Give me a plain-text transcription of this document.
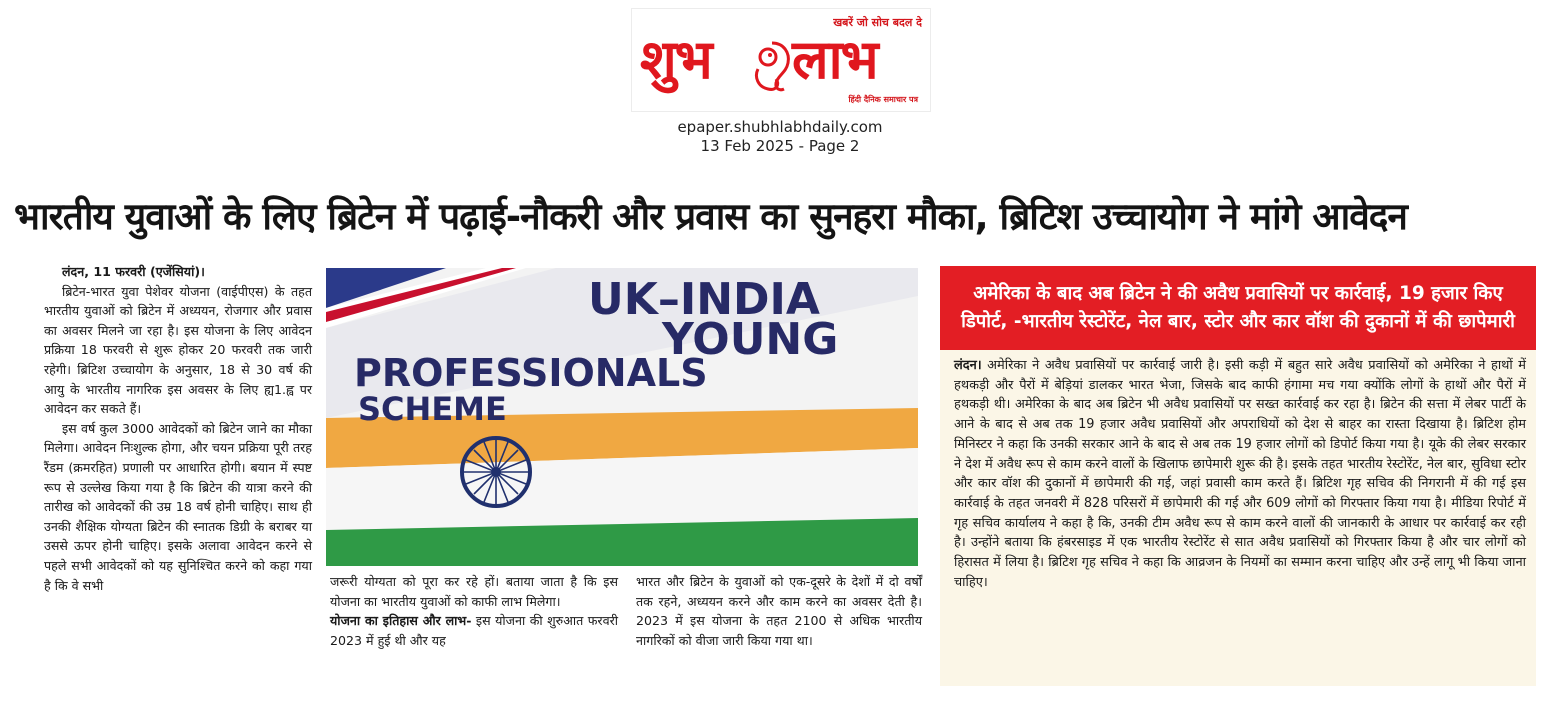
खबरें जो सोच बदल दे
शुभ लाभ
हिंदी दैनिक समाचार पत्र
epaper.shubhlabhdaily.com
13 Feb 2025 - Page 2
भारतीय युवाओं के लिए ब्रिटेन में पढ़ाई-नौकरी और प्रवास का सुनहरा मौका, ब्रिटिश उच्चायोग ने मांगे आवेदन
लंदन, 11 फरवरी (एजेंसियां)।

ब्रिटेन-भारत युवा पेशेवर योजना (वाईपीएस) के तहत भारतीय युवाओं को ब्रिटेन में अध्ययन, रोजगार और प्रवास का अवसर मिलने जा रहा है। इस योजना के लिए आवेदन प्रक्रिया 18 फरवरी से शुरू होकर 20 फरवरी तक जारी रहेगी। ब्रिटिश उच्चायोग के अनुसार, 18 से 30 वर्ष की आयु के भारतीय नागरिक इस अवसर के लिए ह्य1.ह्व पर आवेदन कर सकते हैं।

इस वर्ष कुल 3000 आवेदकों को ब्रिटेन जाने का मौका मिलेगा। आवेदन निःशुल्क होगा, और चयन प्रक्रिया पूरी तरह रैंडम (क्रमरहित) प्रणाली पर आधारित होगी। बयान में स्पष्ट रूप से उल्लेख किया गया है कि ब्रिटेन की यात्रा करने की तारीख को आवेदकों की उम्र 18 वर्ष होनी चाहिए। साथ ही उनकी शैक्षिक योग्यता ब्रिटेन की स्नातक डिग्री के बराबर या उससे ऊपर होनी चाहिए। इसके अलावा आवेदन करने से पहले सभी आवेदकों को यह सुनिश्चित करने को कहा गया है कि वे सभी

UK–INDIA
YOUNG
PROFESSIONALS
SCHEME

जरूरी योग्यता को पूरा कर रहे हों। बताया जाता है कि इस योजना का भारतीय युवाओं को काफी लाभ मिलेगा।

योजना का इतिहास और लाभ- इस योजना की शुरुआत फरवरी 2023 में हुई थी और यह

भारत और ब्रिटेन के युवाओं को एक-दूसरे के देशों में दो वर्षों तक रहने, अध्ययन करने और काम करने का अवसर देती है। 2023 में इस योजना के तहत 2100 से अधिक भारतीय नागरिकों को वीजा जारी किया गया था।

अमेरिका के बाद अब ब्रिटेन ने की अवैध प्रवासियों पर कार्रवाई, 19 हजार किए
डिपोर्ट, -भारतीय रेस्टोरेंट, नेल बार, स्टोर और कार वॉश की दुकानों में की छापेमारी

लंदन। अमेरिका ने अवैध प्रवासियों पर कार्रवाई जारी है। इसी कड़ी में बहुत सारे अवैध प्रवासियों को अमेरिका ने हाथों में हथकड़ी और पैरों में बेड़ियां डालकर भारत भेजा, जिसके बाद काफी हंगामा मच गया क्योंकि लोगों के हाथों और पैरों में हथकड़ी थी। अमेरिका के बाद अब ब्रिटेन भी अवैध प्रवासियों पर सख्त कार्रवाई कर रहा है। ब्रिटेन की सत्ता में लेबर पार्टी के आने के बाद से अब तक 19 हजार अवैध प्रवासियों और अपराधियों को देश से बाहर का रास्ता दिखाया है। ब्रिटिश होम मिनिस्टर ने कहा कि उनकी सरकार आने के बाद से अब तक 19 हजार लोगों को डिपोर्ट किया गया है। यूके की लेबर सरकार ने देश में अवैध रूप से काम करने वालों के खिलाफ छापेमारी शुरू की है। इसके तहत भारतीय रेस्टोरेंट, नेल बार, सुविधा स्टोर और कार वॉश की दुकानों में छापेमारी की गई, जहां प्रवासी काम करते हैं। ब्रिटिश गृह सचिव की निगरानी में की गई इस कार्रवाई के तहत जनवरी में 828 परिसरों में छापेमारी की गई और 609 लोगों को गिरफ्तार किया गया है। मीडिया रिपोर्ट में गृह सचिव कार्यालय ने कहा है कि, उनकी टीम अवैध रूप से काम करने वालों की जानकारी के आधार पर कार्रवाई कर रही है। उन्होंने बताया कि हंबरसाइड में एक भारतीय रेस्टोरेंट से सात अवैध प्रवासियों को गिरफ्तार किया है और चार लोगों को हिरासत में लिया है। ब्रिटिश गृह सचिव ने कहा कि आव्रजन के नियमों का सम्मान करना चाहिए और उन्हें लागू भी किया जाना चाहिए।
